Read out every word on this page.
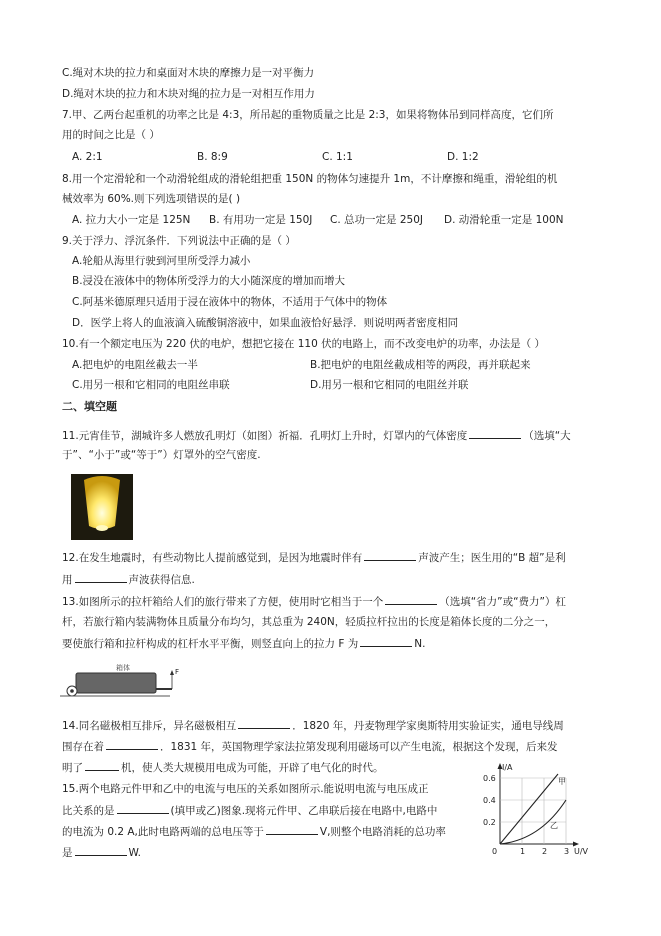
C.绳对木块的拉力和桌面对木块的摩擦力是一对平衡力
D.绳对木块的拉力和木块对绳的拉力是一对相互作用力
7.甲、乙两台起重机的功率之比是 4:3，所吊起的重物质量之比是 2:3，如果将物体吊到同样高度，它们所
用的时间之比是（ ）
A. 2:1	B. 8:9	C. 1:1	D. 1:2
8.用一个定滑轮和一个动滑轮组成的滑轮组把重 150N 的物体匀速提升 1m，不计摩擦和绳重，滑轮组的机
械效率为 60%.则下列选项错误的是( )
A. 拉力大小一定是 125N B. 有用功一定是 150J C. 总功一定是 250J D. 动滑轮重一定是 100N
9.关于浮力、浮沉条件．下列说法中正确的是（ ）
A.轮船从海里行驶到河里所受浮力减小
B.浸没在液体中的物体所受浮力的大小随深度的增加而增大
C.阿基米德原理只适用于浸在液体中的物体，不适用于气体中的物体
D．医学上将人的血液滴入硫酸铜溶液中，如果血液恰好悬浮．则说明两者密度相同
10.有一个额定电压为 220 伏的电炉，想把它接在 110 伏的电路上，而不改变电炉的功率，办法是（ ）
A.把电炉的电阻丝截去一半	B.把电炉的电阻丝截成相等的两段，再并联起来
C.用另一根和它相同的电阻丝串联	D.用另一根和它相同的电阻丝并联
二、填空题
11.元宵佳节，湖城许多人燃放孔明灯（如图）祈福．孔明灯上升时，灯罩内的气体密度	（选填“大
于”、“小于”或“等于”）灯罩外的空气密度.
12.在发生地震时，有些动物比人提前感觉到，是因为地震时伴有	声波产生；医生用的“B 超”是利
用	声波获得信息.
13.如图所示的拉杆箱给人们的旅行带来了方便，使用时它相当于一个	（选填“省力”或“费力”）杠
杆，若旅行箱内装满物体且质量分布均匀，其总重为 240N，轻质拉杆拉出的长度是箱体长度的二分之一，
要使旅行箱和拉杆构成的杠杆水平平衡，则竖直向上的拉力 F 为	N.
箱体	F
14.同名磁极相互排斥，异名磁极相互	．1820 年，丹麦物理学家奥斯特用实验证实，通电导线周
围存在着	．1831 年，英国物理学家法拉第发现利用磁场可以产生电流，根据这个发现，后来发
明了	机，使人类大规模用电成为可能，开辟了电气化的时代。
15.两个电路元件甲和乙中的电流与电压的关系如图所示.能说明电流与电压成正
比关系的是	(填甲或乙)图象.现将元件甲、乙串联后接在电路中,电路中
的电流为 0.2 A,此时电路两端的总电压等于	V,则整个电路消耗的总功率
是	W.
I/A
U/V
0.6
0.4
0.2
0	1 2 3
甲
乙
